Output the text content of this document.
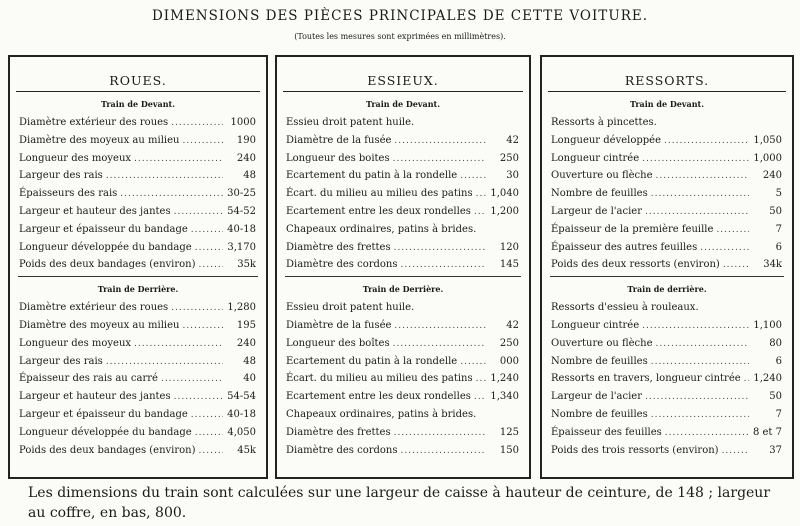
DIMENSIONS DES PIÈCES PRINCIPALES DE CETTE VOITURE.
(Toutes les mesures sont exprimées en millimètres).
ROUES.
Train de Devant.
Diamètre extérieur des roues .....	1000
Diamètre des moyeux au milieu .....	190
Longueur des moyeux .....	240
Largeur des rais .....	48
Épaisseurs des rais .....	30-25
Largeur et hauteur des jantes .....	54-52
Largeur et épaisseur du bandage .....	40-18
Longueur développée du bandage .....	3,170
Poids des deux bandages (environ) .....	35k
Train de Derrière.
Diamètre extérieur des roues .....	1,280
Diamètre des moyeux au milieu .....	195
Longueur des moyeux .....	240
Largeur des rais .....	48
Épaisseur des rais au carré .....	40
Largeur et hauteur des jantes .....	54-54
Largeur et épaisseur du bandage .....	40-18
Longueur développée du bandage .....	4,050
Poids des deux bandages (environ) .....	45k
ESSIEUX.
Train de Devant.
Essieu droit patent huile.
Diamètre de la fusée .....	42
Longueur des boites .....	250
Ecartement du patin à la rondelle .....	30
Écart. du milieu au milieu des patins ..... 1,040
Ecartement entre les deux rondelles ..... 1,200
Chapeaux ordinaires, patins à brides.
Diamètre des frettes .....	120
Diamètre des cordons .....	145
Train de Derrière.
Essieu droit patent huile.
Diamètre de la fusée .....	42
Longueur des boîtes .....	250
Ecartement du patin à la rondelle .....	000
Écart. du milieu au milieu des patins ..... 1,240
Ecartement entre les deux rondelles ..... 1,340
Chapeaux ordinaires, patins à brides.
Diamètre des frettes .....	125
Diamètre des cordons .....	150
RESSORTS.
Train de Devant.
Ressorts à pincettes.
Longueur développée .....	1,050
Longueur cintrée .....	1,000
Ouverture ou flèche .....	240
Nombre de feuilles .....	5
Largeur de l'acier .....	50
Épaisseur de la première feuille .....	7
Épaisseur des autres feuilles .....	6
Poids des deux ressorts (environ) .....	34k
Train de derrière.
Ressorts d'essieu à rouleaux.
Longueur cintrée .....	1,100
Ouverture ou flèche .....	80
Nombre de feuilles .....	6
Ressorts en travers, longueur cintrée ..... 1,240
Largeur de l'acier .....	50
Nombre de feuilles .....	7
Épaisseur des feuilles .....	8 et 7
Poids des trois ressorts (environ) .....	37
Les dimensions du train sont calculées sur une largeur de caisse à hauteur de ceinture, de 148 ; largeur au coffre, en bas, 800.
